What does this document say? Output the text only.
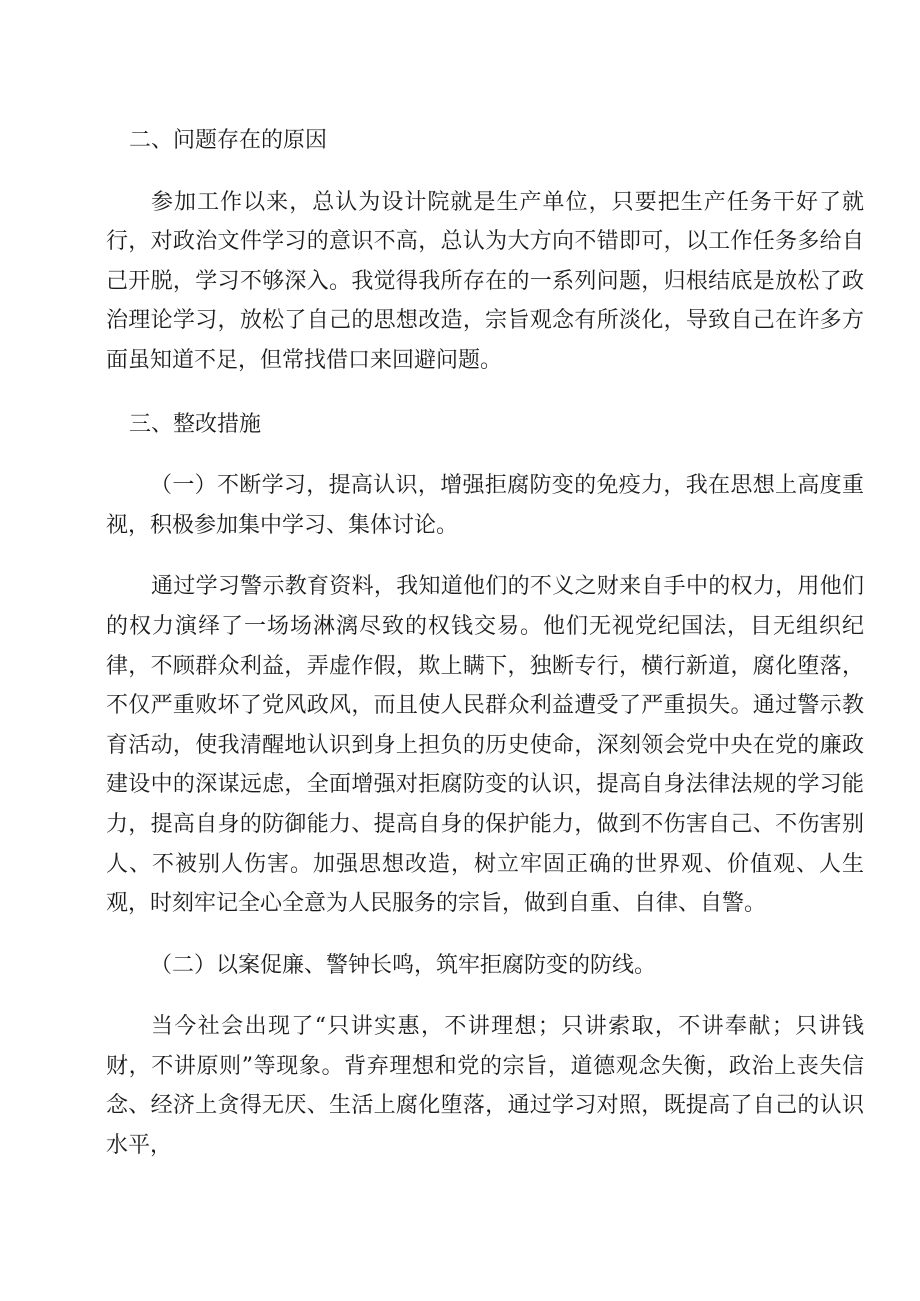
二、问题存在的原因

参加工作以来，总认为设计院就是生产单位，只要把生产任务干好了就行，对政治文件学习的意识不高，总认为大方向不错即可，以工作任务多给自己开脱，学习不够深入。我觉得我所存在的一系列问题，归根结底是放松了政治理论学习，放松了自己的思想改造，宗旨观念有所淡化，导致自己在许多方面虽知道不足，但常找借口来回避问题。

三、整改措施

（一）不断学习，提高认识，增强拒腐防变的免疫力，我在思想上高度重视，积极参加集中学习、集体讨论。

通过学习警示教育资料，我知道他们的不义之财来自手中的权力，用他们的权力演绎了一场场淋漓尽致的权钱交易。他们无视党纪国法，目无组织纪律，不顾群众利益，弄虚作假，欺上瞒下，独断专行，横行新道，腐化堕落，不仅严重败坏了党风政风，而且使人民群众利益遭受了严重损失。通过警示教育活动，使我清醒地认识到身上担负的历史使命，深刻领会党中央在党的廉政建设中的深谋远虑，全面增强对拒腐防变的认识，提高自身法律法规的学习能力，提高自身的防御能力、提高自身的保护能力，做到不伤害自己、不伤害别人、不被别人伤害。加强思想改造，树立牢固正确的世界观、价值观、人生观，时刻牢记全心全意为人民服务的宗旨，做到自重、自律、自警。

（二）以案促廉、警钟长鸣，筑牢拒腐防变的防线。

当今社会出现了“只讲实惠，不讲理想；只讲索取，不讲奉献；只讲钱财，不讲原则”等现象。背弃理想和党的宗旨，道德观念失衡，政治上丧失信念、经济上贪得无厌、生活上腐化堕落，通过学习对照，既提高了自己的认识水平，
